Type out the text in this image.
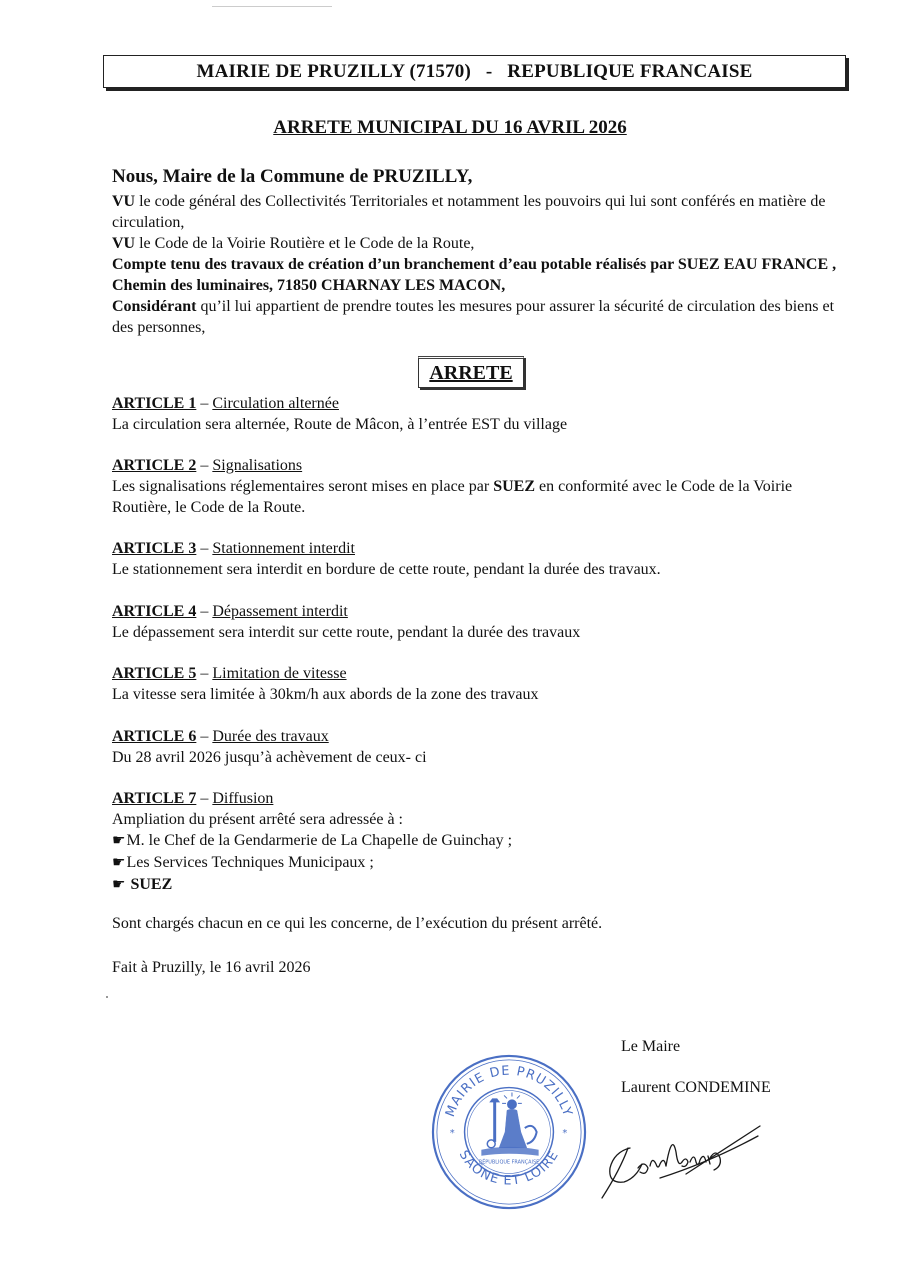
MAIRIE DE PRUZILLY (71570)
-
REPUBLIQUE FRANCAISE
ARRETE MUNICIPAL DU 16 AVRIL 2026
Nous, Maire de la Commune de PRUZILLY,
VU le code général des Collectivités Territoriales et notamment les pouvoirs qui lui sont conférés en matière de circulation,
VU le Code de la Voirie Routière et le Code de la Route,
Compte tenu des travaux de création d’un branchement d’eau potable réalisés par SUEZ EAU FRANCE , Chemin des luminaires, 71850 CHARNAY LES MACON,
Considérant qu’il lui appartient de prendre toutes les mesures pour assurer la sécurité de circulation des biens et des personnes,
ARRETE
ARTICLE 1 – Circulation alternée
La circulation sera alternée, Route de Mâcon, à l’entrée EST du village
ARTICLE 2 – Signalisations
Les signalisations réglementaires seront mises en place par SUEZ en conformité avec le Code de la Voirie Routière, le Code de la Route.
ARTICLE 3 – Stationnement interdit
Le stationnement sera interdit en bordure de cette route, pendant la durée des travaux.
ARTICLE 4 – Dépassement interdit
Le dépassement sera interdit sur cette route, pendant la durée des travaux
ARTICLE 5 – Limitation de vitesse
La vitesse sera limitée à 30km/h aux abords de la zone des travaux
ARTICLE 6 – Durée des travaux
Du 28 avril 2026 jusqu’à achèvement de ceux- ci
ARTICLE 7 – Diffusion
Ampliation du présent arrêté sera adressée à :
☛M. le Chef de la Gendarmerie de La Chapelle de Guinchay ;
☛Les Services Techniques Municipaux ;
☛ SUEZ
Sont chargés chacun en ce qui les concerne, de l’exécution du présent arrêté.
Fait à Pruzilly, le 16 avril 2026
Le Maire
Laurent CONDEMINE
MAIRIE DE PRUZILLY
SAÔNE ET LOIRE
*	*
RÉPUBLIQUE FRANÇAISE
